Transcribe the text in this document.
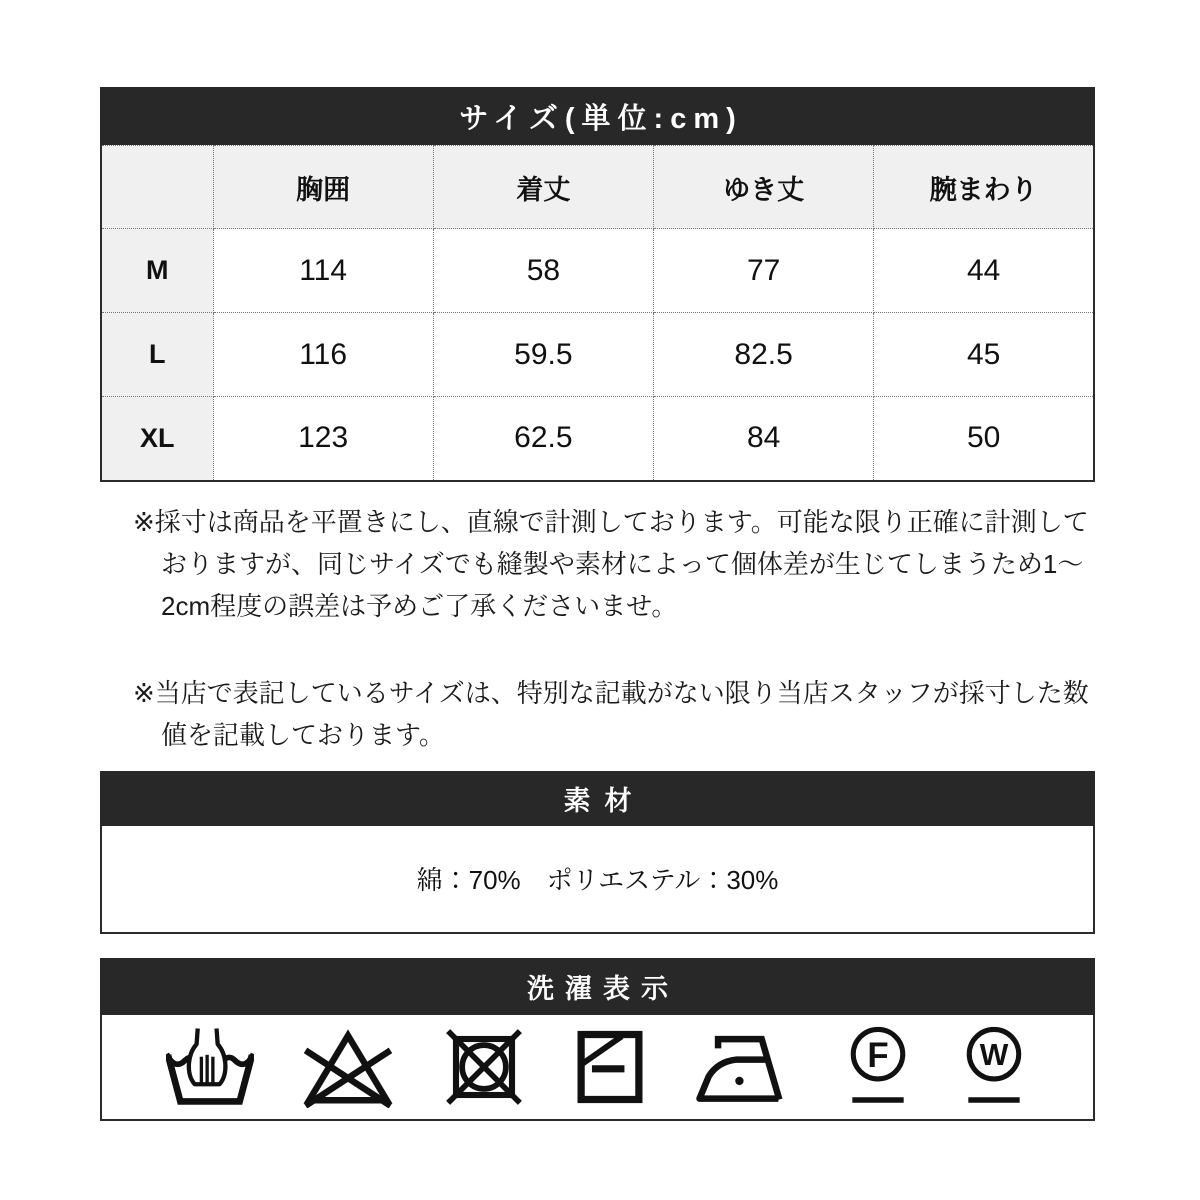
サイズ(単位:cm)
	胸囲	着丈	ゆき丈	腕まわり
M	114	58	77	44
L	116	59.5	82.5	45
XL	123	62.5	84	50

※採寸は商品を平置きにし、直線で計測しております。可能な限り正確に計測しておりますが、同じサイズでも縫製や素材によって個体差が生じてしまうため1～2cm程度の誤差は予めご了承くださいませ。

※当店で表記しているサイズは、特別な記載がない限り当店スタッフが採寸した数値を記載しております。

素材
綿：70%　ポリエステル：30%
洗濯表示
F	W
